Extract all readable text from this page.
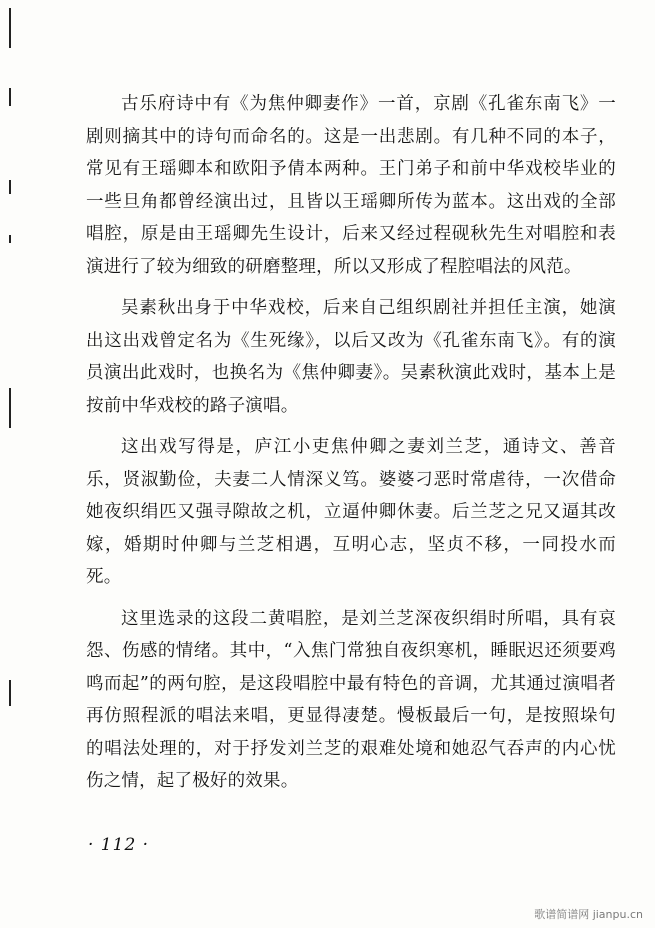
古乐府诗中有《为焦仲卿妻作》一首，京剧《孔雀东南飞》一剧则摘其中的诗句而命名的。这是一出悲剧。有几种不同的本子，常见有王瑶卿本和欧阳予倩本两种。王门弟子和前中华戏校毕业的一些旦角都曾经演出过，且皆以王瑶卿所传为蓝本。这出戏的全部唱腔，原是由王瑶卿先生设计，后来又经过程砚秋先生对唱腔和表演进行了较为细致的研磨整理，所以又形成了程腔唱法的风范。

吴素秋出身于中华戏校，后来自己组织剧社并担任主演，她演出这出戏曾定名为《生死缘》，以后又改为《孔雀东南飞》。有的演员演出此戏时，也换名为《焦仲卿妻》。吴素秋演此戏时，基本上是按前中华戏校的路子演唱。

这出戏写得是，庐江小吏焦仲卿之妻刘兰芝，通诗文、善音乐，贤淑勤俭，夫妻二人情深义笃。婆婆刁恶时常虐待，一次借命她夜织绢匹又强寻隙故之机，立逼仲卿休妻。后兰芝之兄又逼其改嫁，婚期时仲卿与兰芝相遇，互明心志，坚贞不移，一同投水而死。

这里选录的这段二黄唱腔，是刘兰芝深夜织绢时所唱，具有哀怨、伤感的情绪。其中，“入焦门常独自夜织寒机，睡眠迟还须要鸡鸣而起”的两句腔，是这段唱腔中最有特色的音调，尤其通过演唱者再仿照程派的唱法来唱，更显得凄楚。慢板最后一句，是按照垛句的唱法处理的，对于抒发刘兰芝的艰难处境和她忍气吞声的内心忧伤之情，起了极好的效果。

· 112 ·
歌谱简谱网 jianpu.cn
